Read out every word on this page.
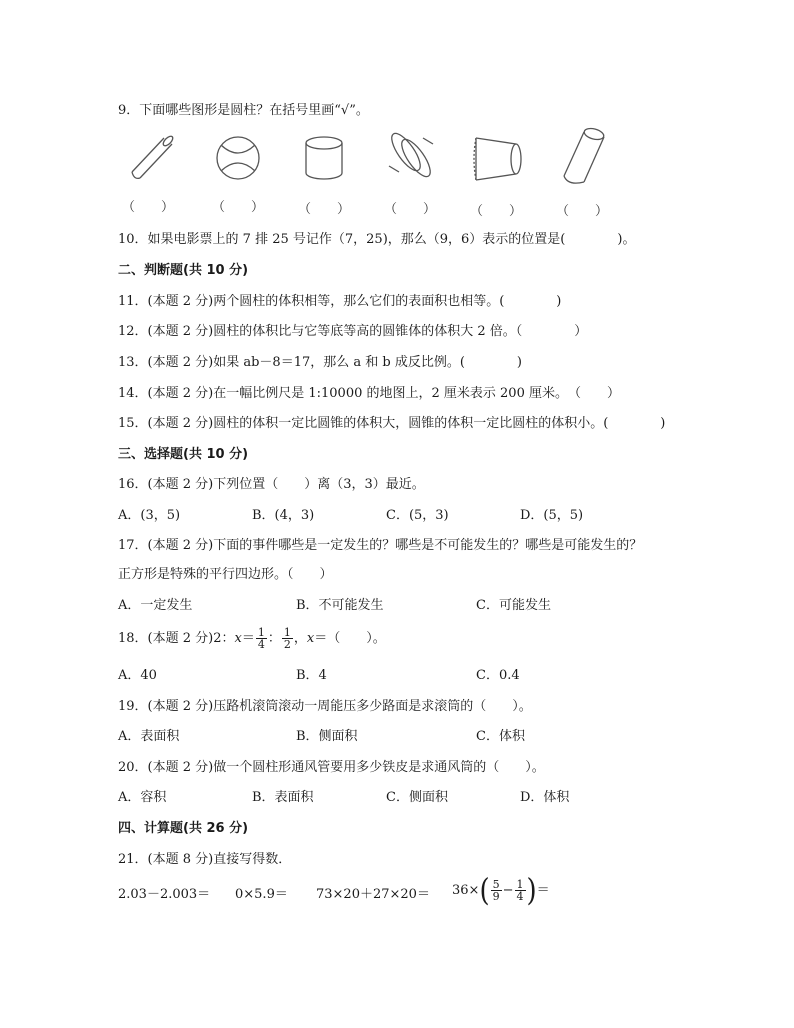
9．下面哪些图形是圆柱？在括号里画“√”。
（　　）	（　　）	（　　）	（　　）	（　　）	（　　）
10．如果电影票上的 7 排 25 号记作（7，25)，那么（9，6）表示的位置是(　　　　)。
二、判断题(共 10 分)
11．(本题 2 分)两个圆柱的体积相等，那么它们的表面积也相等。(　　　　)
12．(本题 2 分)圆柱的体积比与它等底等高的圆锥体的体积大 2 倍。（　　　　）
13．(本题 2 分)如果 ab－8＝17，那么 a 和 b 成反比例。(　　　　)
14．(本题 2 分)在一幅比例尺是 1:10000 的地图上，2 厘米表示 200 厘米。　（　　）
15．(本题 2 分)圆柱的体积一定比圆锥的体积大，圆锥的体积一定比圆柱的体积小。(　　　　)
三、选择题(共 10 分)
16．(本题 2 分)下列位置（　　）离（3，3）最近。
A．(3，5)	B．(4，3)	C．(5，3)	D．(5，5)
17．(本题 2 分)下面的事件哪些是一定发生的？哪些是不可能发生的？哪些是可能发生的？
正方形是特殊的平行四边形。（　　）
A．一定发生	B．不可能发生	C．可能发生
18．(本题 2 分)2：$x= \frac{1}{4}$ ： $\frac{1}{2}$ ，x＝（　　）。
A．40	B．4	C．0.4
19．(本题 2 分)压路机滚筒滚动一周能压多少路面是求滚筒的（　　）。
A．表面积	B．侧面积	C．体积
20．(本题 2 分)做一个圆柱形通风管要用多少铁皮是求通风筒的（　　）。
A．容积	B．表面积	C．侧面积	D．体积
四、计算题(共 26 分)
21．(本题 8 分)直接写得数．
$2.03-2.003= 0\times 5.9= 73\times 20+27\times 20= 36\times( \frac{5}{9} - \frac{1}{4}$ )＝
